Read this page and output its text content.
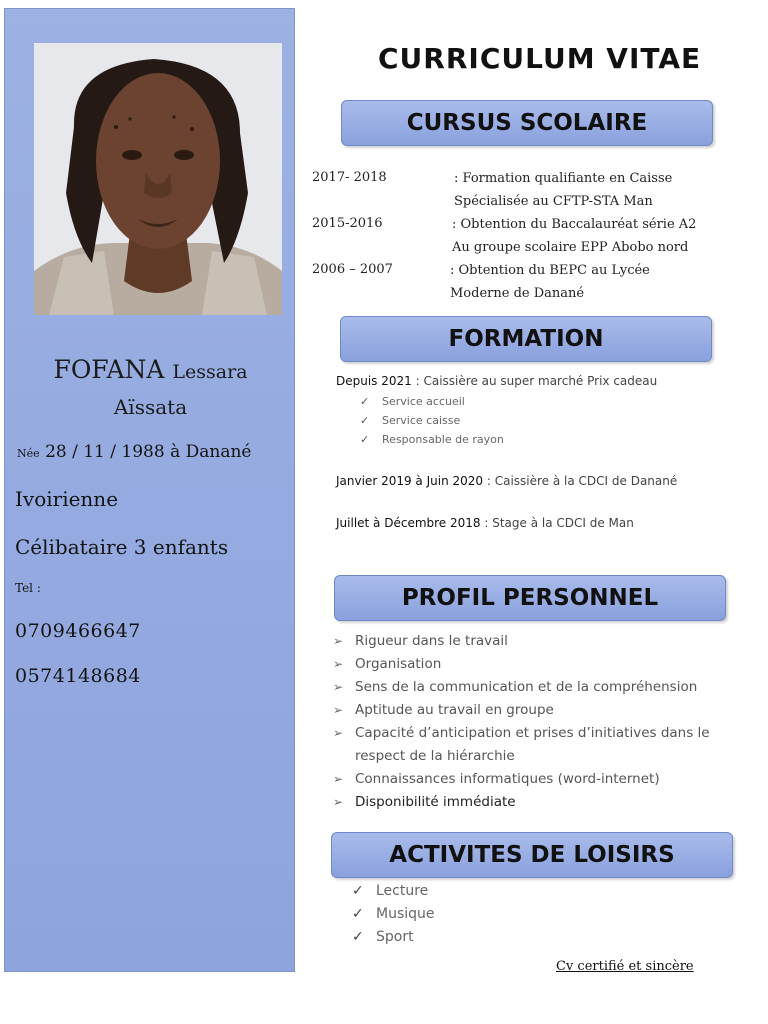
FOFANA Lessara
Aïssata
Née 28 / 11 / 1988 à Danané
Ivoirienne
Célibataire 3 enfants
Tel :
0709466647
0574148684
CURRICULUM VITAE
CURSUS SCOLAIRE
2017- 2018	: Formation qualifiante en Caisse
Spécialisée au CFTP-STA Man
2015-2016	: Obtention du Baccalauréat série A2
Au groupe scolaire EPP Abobo nord
2006 – 2007	: Obtention du BEPC au Lycée
Moderne de Danané
FORMATION
Depuis 2021 : Caissière au super marché Prix cadeau
✓ Service accueil
✓ Service caisse
✓ Responsable de rayon
Janvier 2019 à Juin 2020 : Caissière à la CDCI de Danané
Juillet à Décembre 2018 : Stage à la CDCI de Man
PROFIL PERSONNEL
➢ Rigueur dans le travail
➢ Organisation
➢ Sens de la communication et de la compréhension
➢ Aptitude au travail en groupe
➢ Capacité d’anticipation et prises d’initiatives dans le
respect de la hiérarchie
➢ Connaissances informatiques (word-internet)
➢ Disponibilité immédiate
ACTIVITES DE LOISIRS
✓ Lecture
✓ Musique
✓ Sport
Cv certifié et sincère
